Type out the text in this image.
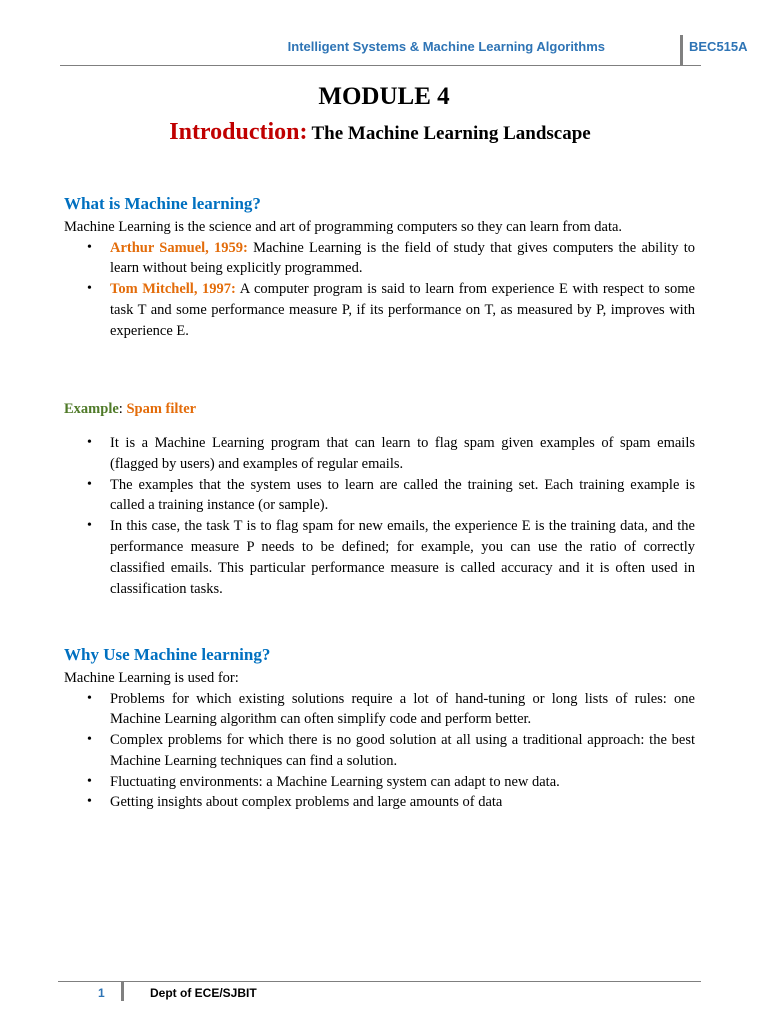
Intelligent Systems & Machine Learning Algorithms	BEC515A
MODULE 4
Introduction: The Machine Learning Landscape
What is Machine learning?

Machine Learning is the science and art of programming computers so they can learn from data.

• Arthur Samuel, 1959: Machine Learning is the field of study that gives computers the ability to learn without being explicitly programmed.
• Tom Mitchell, 1997: A computer program is said to learn from experience E with respect to some task T and some performance measure P, if its performance on T, as measured by P, improves with experience E.

Example: Spam filter

• It is a Machine Learning program that can learn to flag spam given examples of spam emails (flagged by users) and examples of regular emails.
• The examples that the system uses to learn are called the training set. Each training example is called a training instance (or sample).
• In this case, the task T is to flag spam for new emails, the experience E is the training data, and the performance measure P needs to be defined; for example, you can use the ratio of correctly classified emails. This particular performance measure is called accuracy and it is often used in classification tasks.
Why Use Machine learning?

Machine Learning is used for:

• Problems for which existing solutions require a lot of hand-tuning or long lists of rules: one Machine Learning algorithm can often simplify code and perform better.
• Complex problems for which there is no good solution at all using a traditional approach: the best Machine Learning techniques can find a solution.
• Fluctuating environments: a Machine Learning system can adapt to new data.
• Getting insights about complex problems and large amounts of data
1	Dept of ECE/SJBIT
